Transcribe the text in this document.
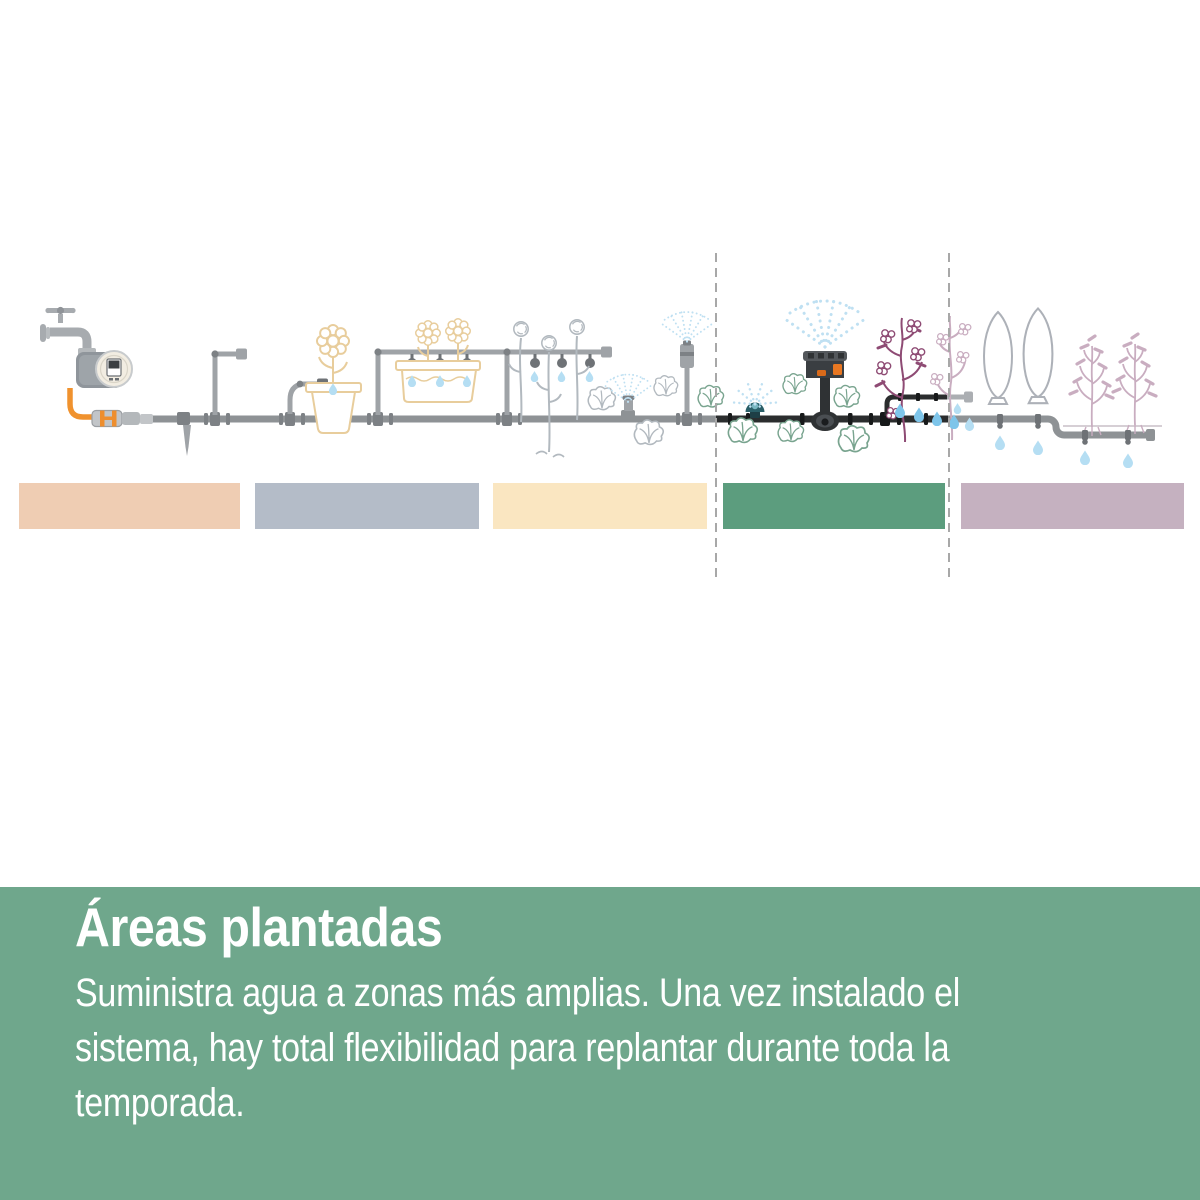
Áreas plantadas
Suministra agua a zonas más amplias. Una vez instalado el
sistema, hay total flexibilidad para replantar durante toda la
temporada.
